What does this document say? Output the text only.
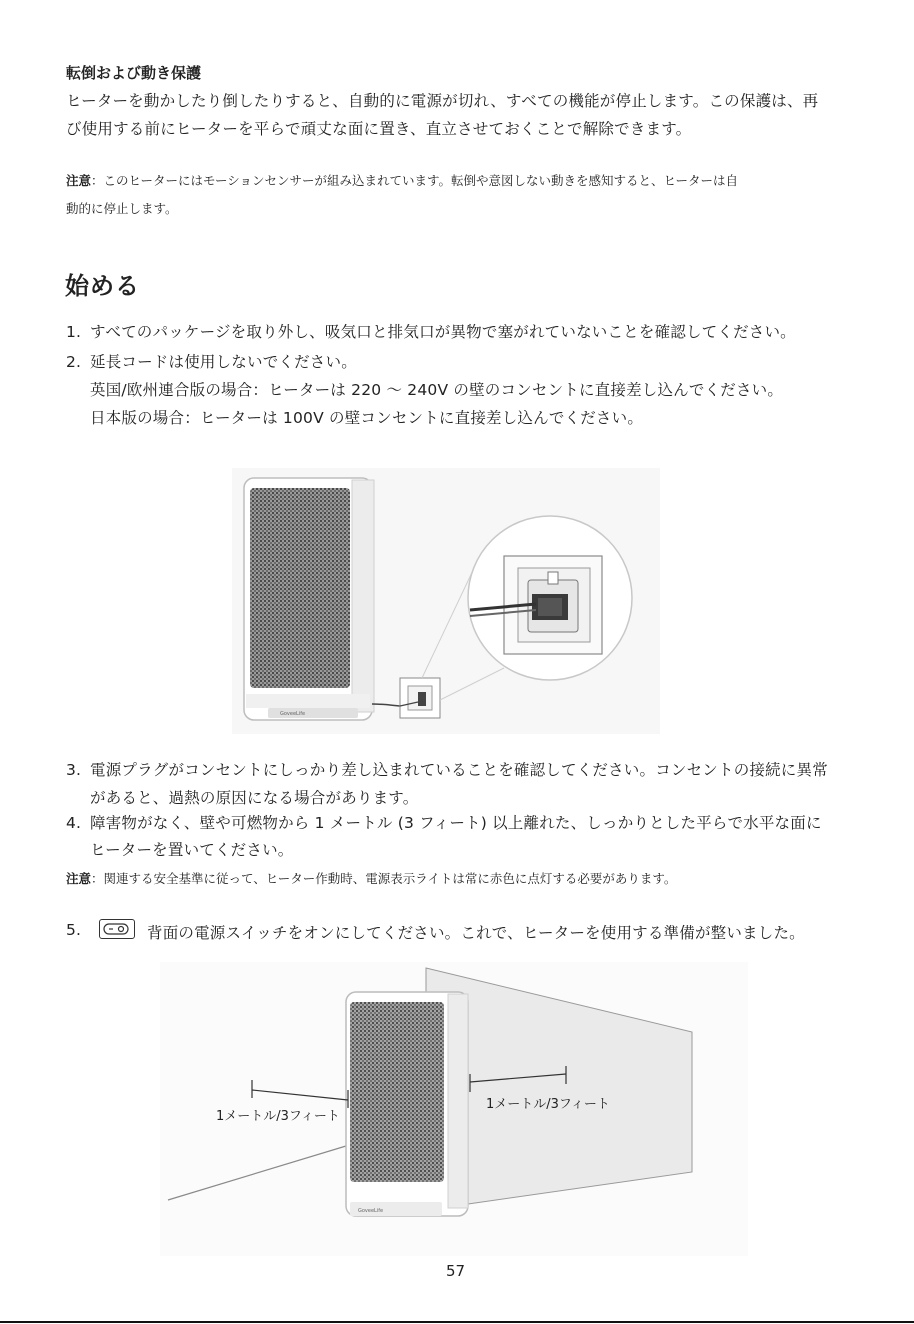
転倒および動き保護
ヒーターを動かしたり倒したりすると、自動的に電源が切れ、すべての機能が停止します。この保護は、再
び使用する前にヒーターを平らで頑丈な面に置き、直立させておくことで解除できます。
注意：このヒーターにはモーションセンサーが組み込まれています。転倒や意図しない動きを感知すると、ヒーターは自
動的に停止します。
始める
1. すべてのパッケージを取り外し、吸気口と排気口が異物で塞がれていないことを確認してください。
2. 延長コードは使用しないでください。
英国/欧州連合版の場合：ヒーターは 220 ～ 240V の壁のコンセントに直接差し込んでください。
日本版の場合：ヒーターは 100V の壁コンセントに直接差し込んでください。
GoveeLife
3. 電源プラグがコンセントにしっかり差し込まれていることを確認してください。コンセントの接続に異常
があると、過熱の原因になる場合があります。
4. 障害物がなく、壁や可燃物から 1 メートル (3 フィート) 以上離れた、しっかりとした平らで水平な面に
ヒーターを置いてください。
注意：関連する安全基準に従って、ヒーター作動時、電源表示ライトは常に赤色に点灯する必要があります。
5.	背面の電源スイッチをオンにしてください。これで、ヒーターを使用する準備が整いました。
GoveeLife
1メートル/3フィート
1メートル/3フィート
57
